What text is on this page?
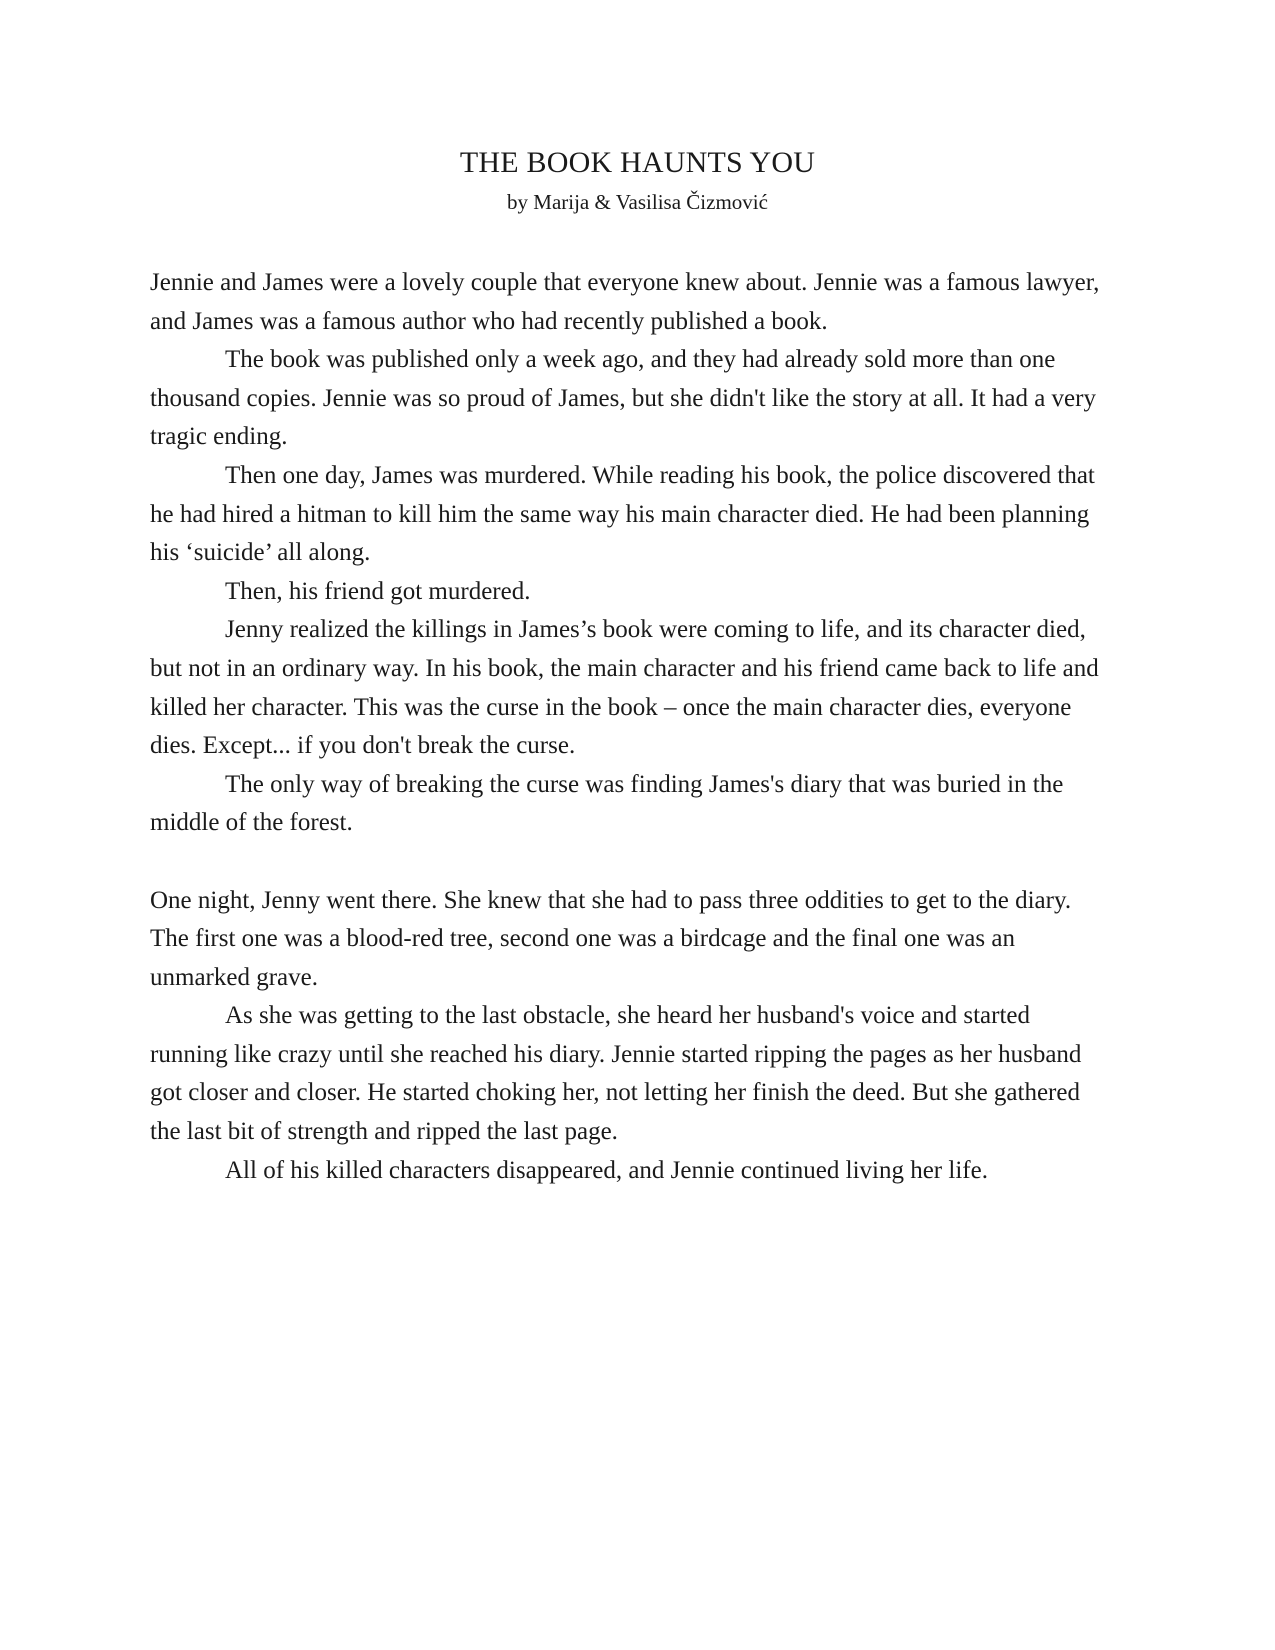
THE BOOK HAUNTS YOU
by Marija & Vasilisa Čizmović

Jennie and James were a lovely couple that everyone knew about. Jennie was a famous lawyer, and James was a famous author who had recently published a book.

The book was published only a week ago, and they had already sold more than one thousand copies. Jennie was so proud of James, but she didn't like the story at all. It had a very tragic ending.

Then one day, James was murdered. While reading his book, the police discovered that he had hired a hitman to kill him the same way his main character died. He had been planning his ‘suicide’ all along.

Then, his friend got murdered.

Jenny realized the killings in James’s book were coming to life, and its character died, but not in an ordinary way. In his book, the main character and his friend came back to life and killed her character. This was the curse in the book – once the main character dies, everyone dies. Except... if you don't break the curse.

The only way of breaking the curse was finding James's diary that was buried in the middle of the forest.

One night, Jenny went there. She knew that she had to pass three oddities to get to the diary. The first one was a blood-red tree, second one was a birdcage and the final one was an unmarked grave.

As she was getting to the last obstacle, she heard her husband's voice and started running like crazy until she reached his diary. Jennie started ripping the pages as her husband got closer and closer. He started choking her, not letting her finish the deed. But she gathered the last bit of strength and ripped the last page.

All of his killed characters disappeared, and Jennie continued living her life.
